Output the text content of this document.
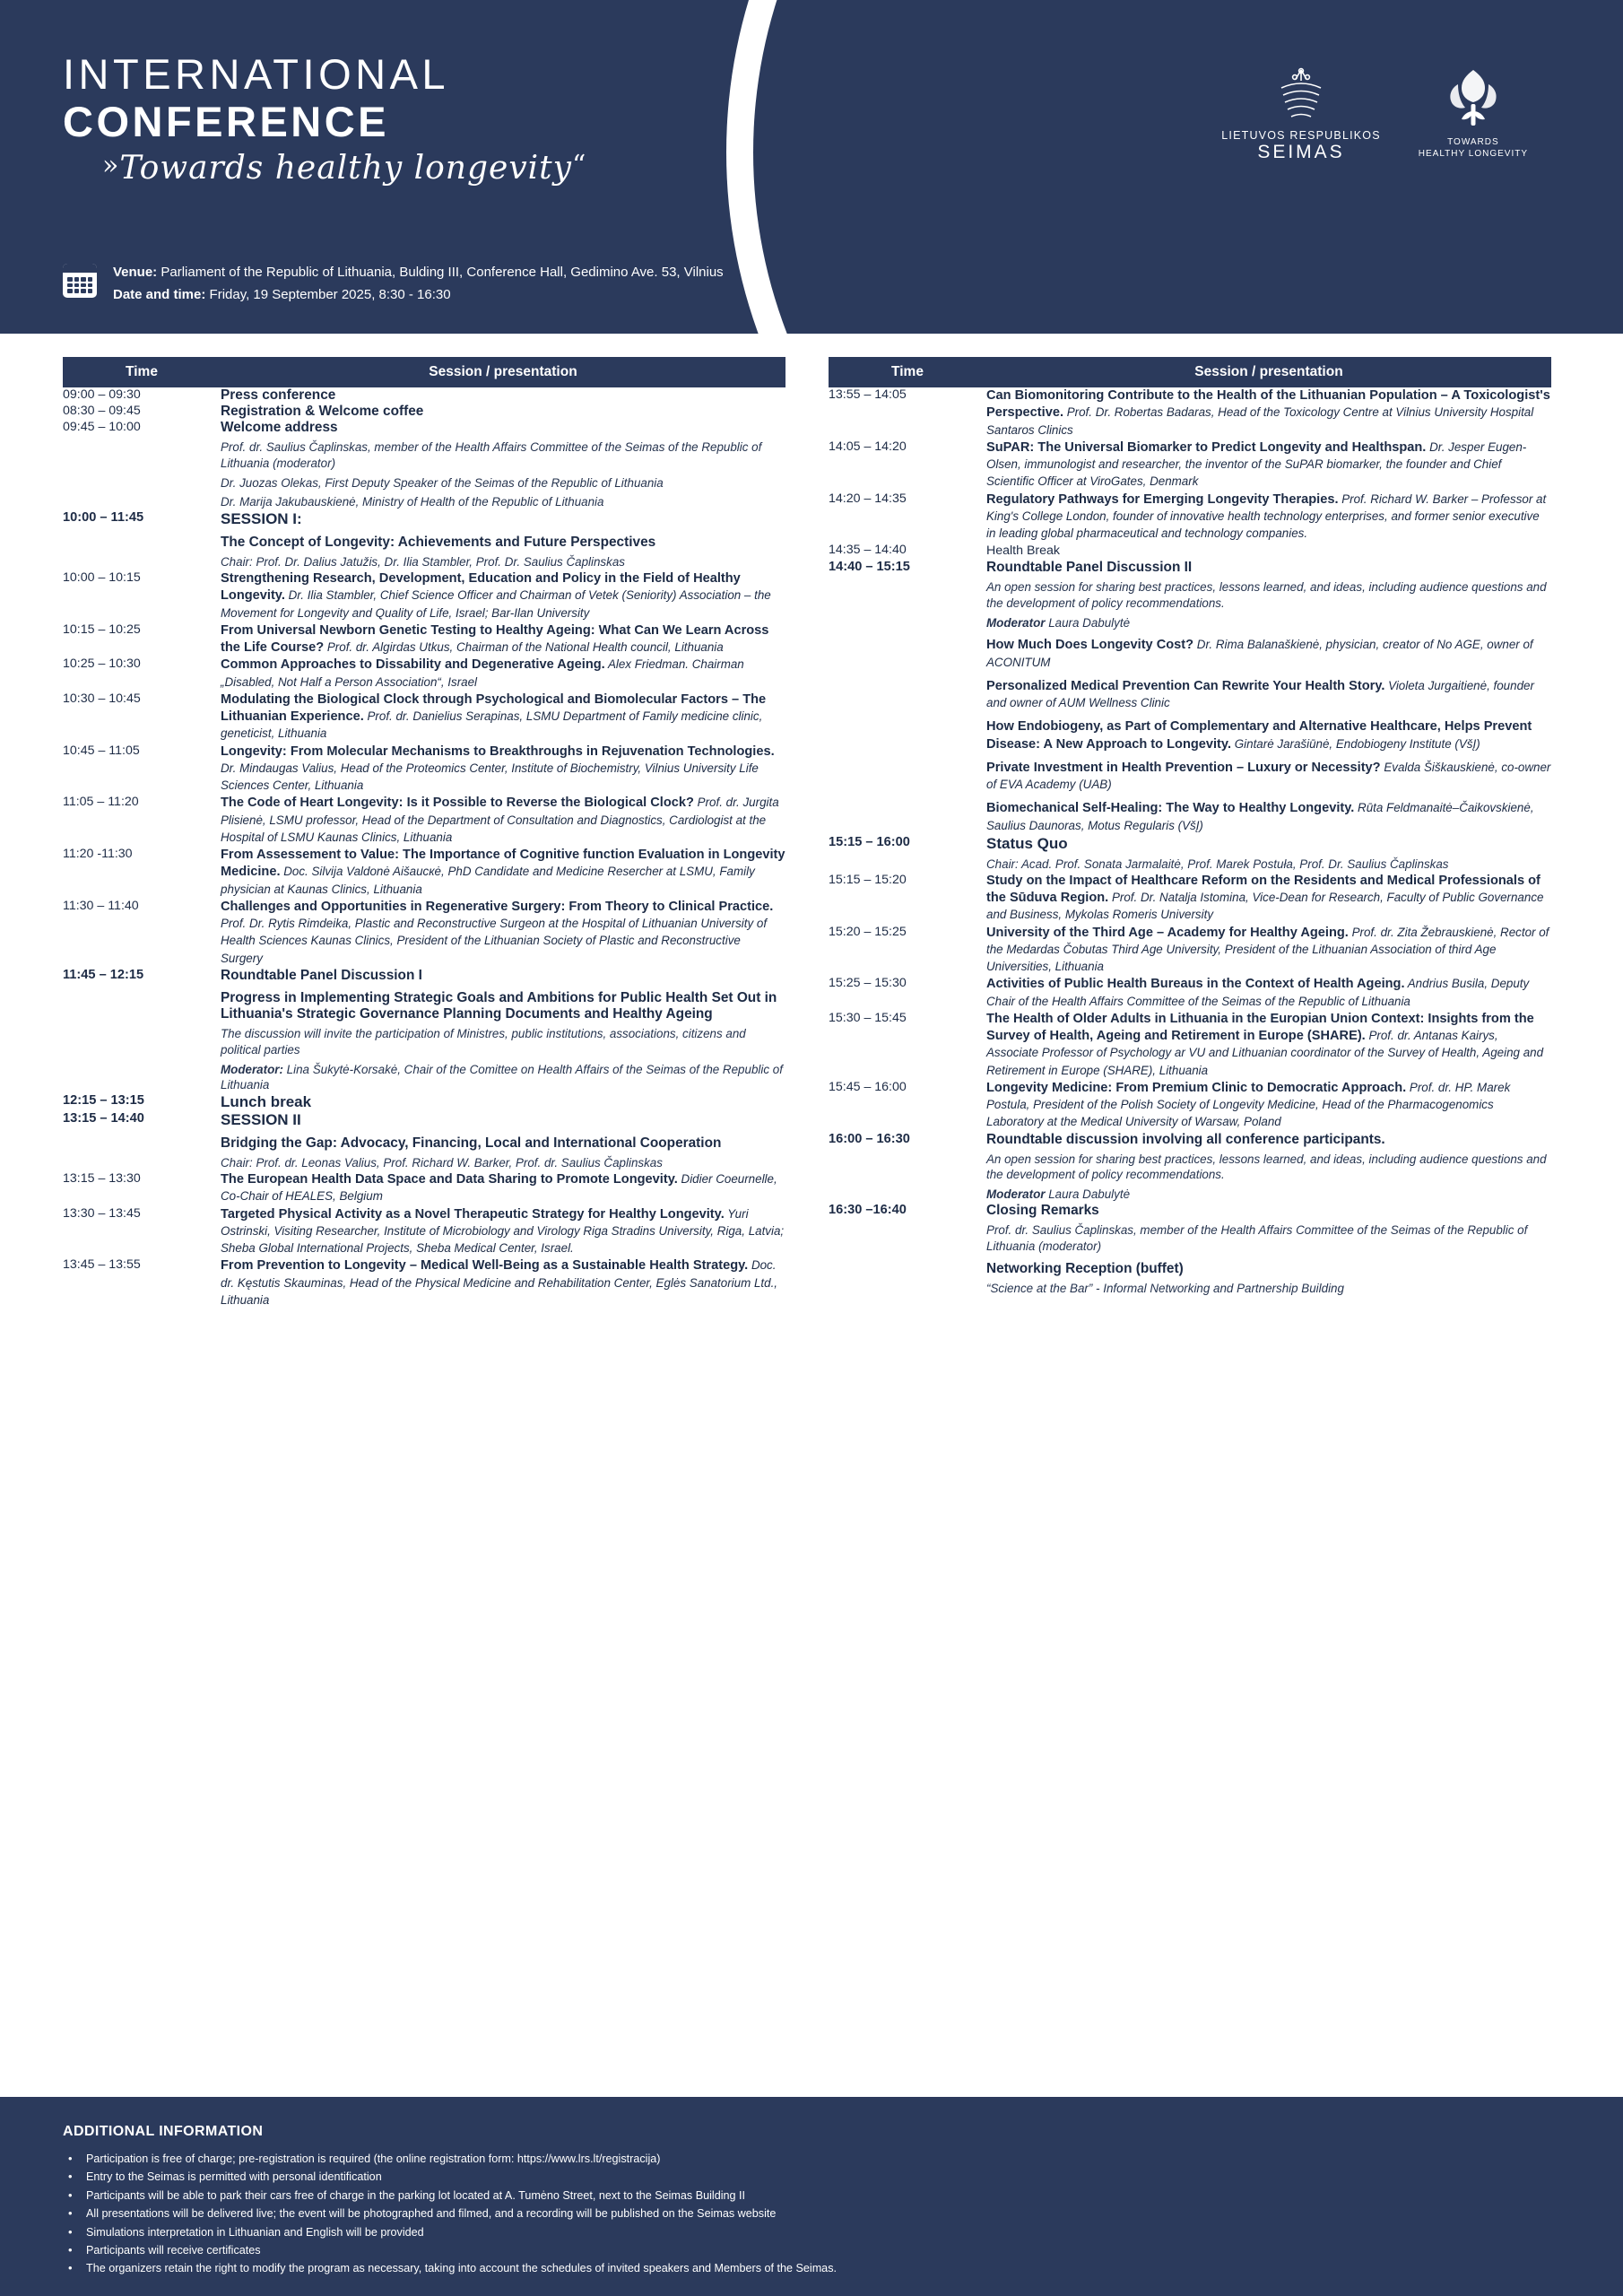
INTERNATIONAL
CONFERENCE
»Towards healthy longevity“
LIETUVOS RESPUBLIKOS
SEIMAS	TOWARDS
HEALTHY LONGEVITY
Venue: Parliament of the Republic of Lithuania, Bulding III, Conference Hall, Gedimino Ave. 53, Vilnius
Date and time: Friday, 19 September 2025, 8:30 - 16:30
Time	Session / presentation
09:00 – 09:30	Press conference

08:30 – 09:45	Registration & Welcome coffee

09:45 – 10:00	Welcome address
Prof. dr. Saulius Čaplinskas, member of the Health Affairs Committee of the Seimas of the Republic of Lithuania (moderator)
Dr. Juozas Olekas, First Deputy Speaker of the Seimas of the Republic of Lithuania
Dr. Marija Jakubauskienė, Ministry of Health of the Republic of Lithuania

10:00 – 11:45	SESSION I:
The Concept of Longevity: Achievements and Future Perspectives
Chair: Prof. Dr. Dalius Jatužis, Dr. Ilia Stambler, Prof. Dr. Saulius Čaplinskas

10:00 – 10:15	Strengthening Research, Development, Education and Policy in the Field of Healthy Longevity. Dr. Ilia Stambler, Chief Science Officer and Chairman of Vetek (Seniority) Association – the Movement for Longevity and Quality of Life, Israel; Bar-Ilan University

10:15 – 10:25	From Universal Newborn Genetic Testing to Healthy Ageing: What Can We Learn Across the Life Course? Prof. dr. Algirdas Utkus, Chairman of the National Health council, Lithuania

10:25 – 10:30	Common Approaches to Dissability and Degenerative Ageing. Alex Friedman. Chairman „Disabled, Not Half a Person Association“, Israel

10:30 – 10:45	Modulating the Biological Clock through Psychological and Biomolecular Factors – The Lithuanian Experience. Prof. dr. Danielius Serapinas, LSMU Department of Family medicine clinic, geneticist, Lithuania

10:45 – 11:05	Longevity: From Molecular Mechanisms to Breakthroughs in Rejuvenation Technologies. Dr. Mindaugas Valius, Head of the Proteomics Center, Institute of Biochemistry, Vilnius University Life Sciences Center, Lithuania

11:05 – 11:20	The Code of Heart Longevity: Is it Possible to Reverse the Biological Clock? Prof. dr. Jurgita Plisienė, LSMU professor, Head of the Department of Consultation and Diagnostics, Cardiologist at the Hospital of LSMU Kaunas Clinics, Lithuania

11:20 -11:30	From Assessement to Value: The Importance of Cognitive function Evaluation in Longevity Medicine. Doc. Silvija Valdonė Aišauскė, PhD Candidate and Medicine Resercher at LSMU, Family physician at Kaunas Clinics, Lithuania

11:30 – 11:40	Challenges and Opportunities in Regenerative Surgery: From Theory to Clinical Practice. Prof. Dr. Rytis Rimdeika, Plastic and Reconstructive Surgeon at the Hospital of Lithuanian University of Health Sciences Kaunas Clinics, President of the Lithuanian Society of Plastic and Reconstructive Surgery

11:45 – 12:15	Roundtable Panel Discussion I
Progress in Implementing Strategic Goals and Ambitions for Public Health Set Out in Lithuania's Strategic Governance Planning Documents and Healthy Ageing
The discussion will invite the participation of Ministres, public institutions, associations, citizens and political parties
Moderator: Lina Šukytė-Korsakė, Chair of the Comittee on Health Affairs of the Seimas of the Republic of Lithuania

12:15 – 13:15	Lunch break

13:15 – 14:40	SESSION II
Bridging the Gap: Advocacy, Financing, Local and International Cooperation
Chair: Prof. dr. Leonas Valius, Prof. Richard W. Barker, Prof. dr. Saulius Čaplinskas

13:15 – 13:30	The European Health Data Space and Data Sharing to Promote Longevity. Didier Coeurnelle, Co-Chair of HEALES, Belgium

13:30 – 13:45	Targeted Physical Activity as a Novel Therapeutic Strategy for Healthy Longevity. Yuri Ostrinski, Visiting Researcher, Institute of Microbiology and Virology Riga Stradins University, Riga, Latvia; Sheba Global International Projects, Sheba Medical Center, Israel.

13:45 – 13:55	From Prevention to Longevity – Medical Well-Being as a Sustainable Health Strategy. Doc. dr. Kęstutis Skauminas, Head of the Physical Medicine and Rehabilitation Center, Eglės Sanatorium Ltd., Lithuania
Time	Session / presentation
13:55 – 14:05	Can Biomonitoring Contribute to the Health of the Lithuanian Population – A Toxicologist's Perspective. Prof. Dr. Robertas Badaras, Head of the Toxicology Centre at Vilnius University Hospital Santaros Clinics

14:05 – 14:20	SuPAR: The Universal Biomarker to Predict Longevity and Healthspan. Dr. Jesper Eugen-Olsen, immunologist and researcher, the inventor of the SuPAR biomarker, the founder and Chief Scientific Officer at ViroGates, Denmark

14:20 – 14:35	Regulatory Pathways for Emerging Longevity Therapies. Prof. Richard W. Barker – Professor at King's College London, founder of innovative health technology enterprises, and former senior executive in leading global pharmaceutical and technology companies.

14:35 – 14:40	Health Break

14:40 – 15:15	Roundtable Panel Discussion II
An open session for sharing best practices, lessons learned, and ideas, including audience questions and the development of policy recommendations.
Moderator Laura Dabulytė
How Much Does Longevity Cost? Dr. Rima Balanaškienė, physician, creator of No AGE, owner of ACONITUM
Personalized Medical Prevention Can Rewrite Your Health Story. Violeta Jurgaitienė, founder and owner of AUM Wellness Clinic
How Endobiogeny, as Part of Complementary and Alternative Healthcare, Helps Prevent Disease: A New Approach to Longevity. Gintarė Jarašiūnė, Endobiogeny Institute (VšĮ)
Private Investment in Health Prevention – Luxury or Necessity? Evalda Šiškauskienė, co-owner of EVA Academy (UAB)
Biomechanical Self-Healing: The Way to Healthy Longevity. Rūta Feldmanaitė–Čaikovskienė, Saulius Daunoras, Motus Regularis (VšĮ)

15:15 – 16:00	Status Quo
Chair: Acad. Prof. Sonata Jarmalaitė, Prof. Marek Postuła, Prof. Dr. Saulius Čaplinskas

15:15 – 15:20	Study on the Impact of Healthcare Reform on the Residents and Medical Professionals of the Sūduva Region. Prof. Dr. Natalja Istomina, Vice-Dean for Research, Faculty of Public Governance and Business, Mykolas Romeris University

15:20 – 15:25	University of the Third Age – Academy for Healthy Ageing. Prof. dr. Zita Žebrauskienė, Rector of the Medardas Čobutas Third Age University, President of the Lithuanian Association of third Age Universities, Lithuania

15:25 – 15:30	Activities of Public Health Bureaus in the Context of Health Ageing. Andrius Busila, Deputy Chair of the Health Affairs Committee of the Seimas of the Republic of Lithuania

15:30 – 15:45	The Health of Older Adults in Lithuania in the Europian Union Context: Insights from the Survey of Health, Ageing and Retirement in Europe (SHARE). Prof. dr. Antanas Kairys, Associate Professor of Psychology ar VU and Lithuanian coordinator of the Survey of Health, Ageing and Retirement in Europe (SHARE), Lithuania

15:45 – 16:00	Longevity Medicine: From Premium Clinic to Democratic Approach. Prof. dr. HP. Marek Postula, President of the Polish Society of Longevity Medicine, Head of the Pharmacogenomics Laboratory at the Medical University of Warsaw, Poland

16:00 – 16:30	Roundtable discussion involving all conference participants.
An open session for sharing best practices, lessons learned, and ideas, including audience questions and the development of policy recommendations.
Moderator Laura Dabulytė

16:30 –16:40	Closing Remarks
Prof. dr. Saulius Čaplinskas, member of the Health Affairs Committee of the Seimas of the Republic of Lithuania (moderator)
Networking Reception (buffet)
“Science at the Bar” - Informal Networking and Partnership Building
ADDITIONAL INFORMATION
• Participation is free of charge; pre-registration is required (the online registration form: https://www.lrs.lt/registracija)
• Entry to the Seimas is permitted with personal identification
• Participants will be able to park their cars free of charge in the parking lot located at A. Tumėno Street, next to the Seimas Building II
• All presentations will be delivered live; the event will be photographed and filmed, and a recording will be published on the Seimas website
• Simulations interpretation in Lithuanian and English will be provided
• Participants will receive certificates
• The organizers retain the right to modify the program as necessary, taking into account the schedules of invited speakers and Members of the Seimas.
